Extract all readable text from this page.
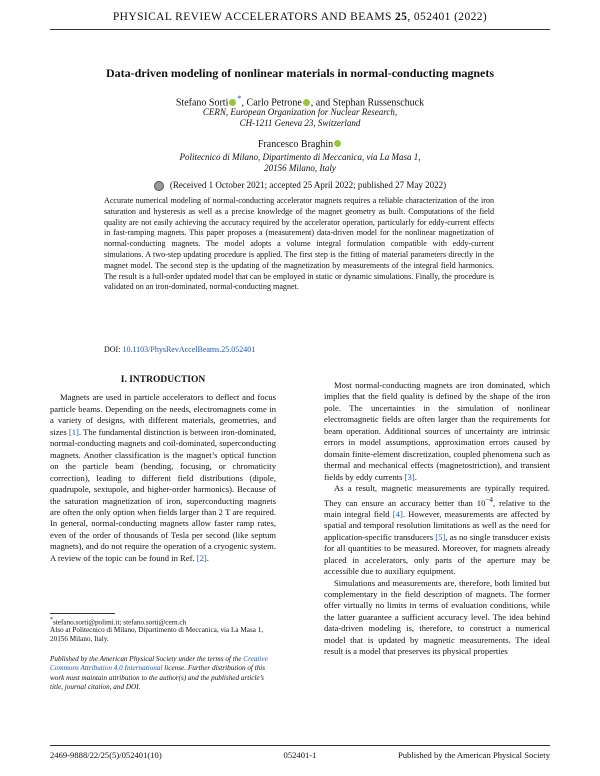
PHYSICAL REVIEW ACCELERATORS AND BEAMS 25, 052401 (2022)
Data-driven modeling of nonlinear materials in normal-conducting magnets
Stefano Sorti *, Carlo Petrone , and Stephan Russenschuck
CERN, European Organization for Nuclear Research,
CH-1211 Geneva 23, Switzerland
Francesco Braghin
Politecnico di Milano, Dipartimento di Meccanica, via La Masa 1,
20156 Milano, Italy
(Received 1 October 2021; accepted 25 April 2022; published 27 May 2022)
Accurate numerical modeling of normal-conducting accelerator magnets requires a reliable characterization of the iron saturation and hysteresis as well as a precise knowledge of the magnet geometry as built. Computations of the field quality are not easily achieving the accuracy required by the accelerator operation, particularly for eddy-current effects in fast-ramping magnets. This paper proposes a (measurement) data-driven model for the nonlinear magnetization of normal-conducting magnets. The model adopts a volume integral formulation compatible with eddy-current simulations. A two-step updating procedure is applied. The first step is the fitting of material parameters directly in the magnet model. The second step is the updating of the magnetization by measurements of the integral field harmonics. The result is a full-order updated model that can be employed in static or dynamic simulations. Finally, the procedure is validated on an iron-dominated, normal-conducting magnet.
DOI: 10.1103/PhysRevAccelBeams.25.052401
I. INTRODUCTION

Magnets are used in particle accelerators to deflect and focus particle beams. Depending on the needs, electromagnets come in a variety of designs, with different materials, geometries, and sizes [1]. The fundamental distinction is between iron-dominated, normal-conducting magnets and coil-dominated, superconducting magnets. Another classification is the magnet’s optical function on the particle beam (bending, focusing, or chromaticity correction), leading to different field distributions (dipole, quadrupole, sextupole, and higher-order harmonics). Because of the saturation magnetization of iron, superconducting magnets are often the only option when fields larger than 2 T are required. In general, normal-conducting magnets allow faster ramp rates, even of the order of thousands of Tesla per second (like septum magnets), and do not require the operation of a cryogenic system. A review of the topic can be found in Ref. [2].

Most normal-conducting magnets are iron dominated, which implies that the field quality is defined by the shape of the iron pole. The uncertainties in the simulation of nonlinear electromagnetic fields are often larger than the requirements for beam operation. Additional sources of uncertainty are intrinsic errors in model assumptions, approximation errors caused by domain finite-element discretization, coupled phenomena such as thermal and mechanical effects (magnetostriction), and transient fields by eddy currents [3].

As a result, magnetic measurements are typically required. They can ensure an accuracy better than $10^{-4}$, relative to the main integral field [4]. However, measurements are affected by spatial and temporal resolution limitations as well as the need for application-specific transducers [5], as no single transducer exists for all quantities to be measured. Moreover, for magnets already placed in accelerators, only parts of the aperture may be accessible due to auxiliary equipment.

Simulations and measurements are, therefore, both limited but complementary in the field description of magnets. The former offer virtually no limits in terms of evaluation conditions, while the latter guarantee a sufficient accuracy level. The idea behind data-driven modeling is, therefore, to construct a numerical model that is updated by magnetic measurements. The ideal result is a model that preserves its physical properties

*stefano.sorti@polimi.it; stefano.sorti@cern.ch
Also at Politecnico di Milano, Dipartimento di Meccanica, via La Masa 1, 20156 Milano, Italy.
Published by the American Physical Society under the terms of the Creative Commons Attribution 4.0 International license. Further distribution of this work must maintain attribution to the author(s) and the published article’s title, journal citation, and DOI.
2469-9888/22/25(5)/052401(10)	052401-1	Published by the American Physical Society
